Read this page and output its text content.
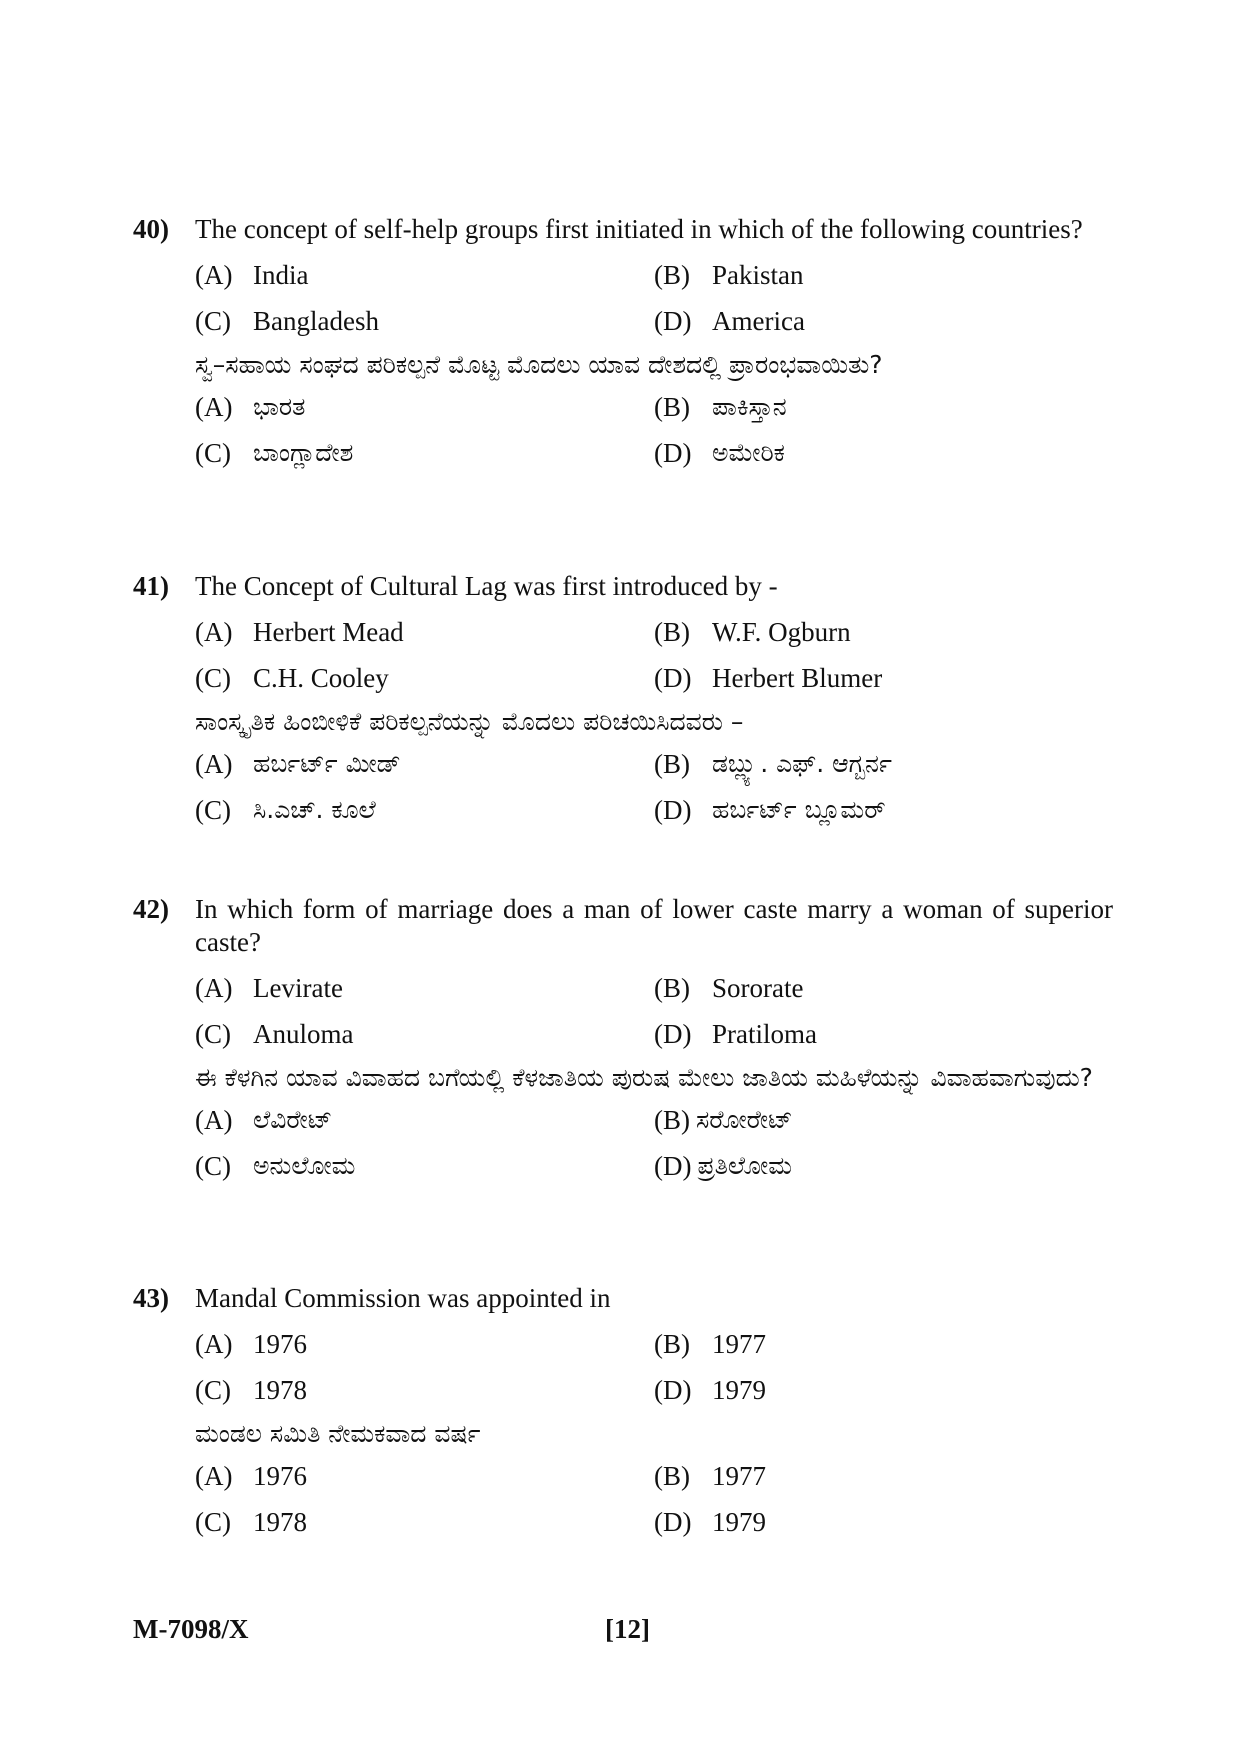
40) The concept of self-help groups first initiated in which of the following countries?
(A) India	(B) Pakistan
(C) Bangladesh	(D) America
ಸ್ವ–ಸಹಾಯ ಸಂಘದ ಪರಿಕಲ್ಪನೆ ಮೊಟ್ಟ ಮೊದಲು ಯಾವ ದೇಶದಲ್ಲಿ ಪ್ರಾರಂಭವಾಯಿತು?
(A) ಭಾರತ	(B) ಪಾಕಿಸ್ತಾನ
(C) ಬಾಂಗ್ಲಾದೇಶ	(D) ಅಮೇರಿಕ
41) The Concept of Cultural Lag was first introduced by -
(A) Herbert Mead	(B) W.F. Ogburn
(C) C.H. Cooley	(D) Herbert Blumer
ಸಾಂಸ್ಕೃತಿಕ ಹಿಂಬೀಳಿಕೆ ಪರಿಕಲ್ಪನೆಯನ್ನು ಮೊದಲು ಪರಿಚಯಿಸಿದವರು –
(A) ಹರ್ಬರ್ಟ್ ಮೀಡ್	(B) ಡಬ್ಲ್ಯು. ಎಫ್. ಆಗ್ಬರ್ನ
(C) ಸಿ.ಎಚ್. ಕೂಲೆ	(D) ಹರ್ಬರ್ಟ್ ಬ್ಲೂಮರ್
42) In which form of marriage does a man of lower caste marry a woman of superior caste?
(A) Levirate	(B) Sororate
(C) Anuloma	(D) Pratiloma
ಈ ಕೆಳಗಿನ ಯಾವ ವಿವಾಹದ ಬಗೆಯಲ್ಲಿ ಕೆಳಜಾತಿಯ ಪುರುಷ ಮೇಲು ಜಾತಿಯ ಮಹಿಳೆಯನ್ನು ವಿವಾಹವಾಗುವುದು?
(A) ಲೆವಿರೇಟ್	(B) ಸರೋರೇಟ್
(C) ಅನುಲೋಮ	(D) ಪ್ರತಿಲೋಮ
43) Mandal Commission was appointed in
(A) 1976	(B) 1977
(C) 1978	(D) 1979
ಮಂಡಲ ಸಮಿತಿ ನೇಮಕವಾದ ವರ್ಷ
(A) 1976	(B) 1977
(C) 1978	(D) 1979
M-7098/X	[12]
